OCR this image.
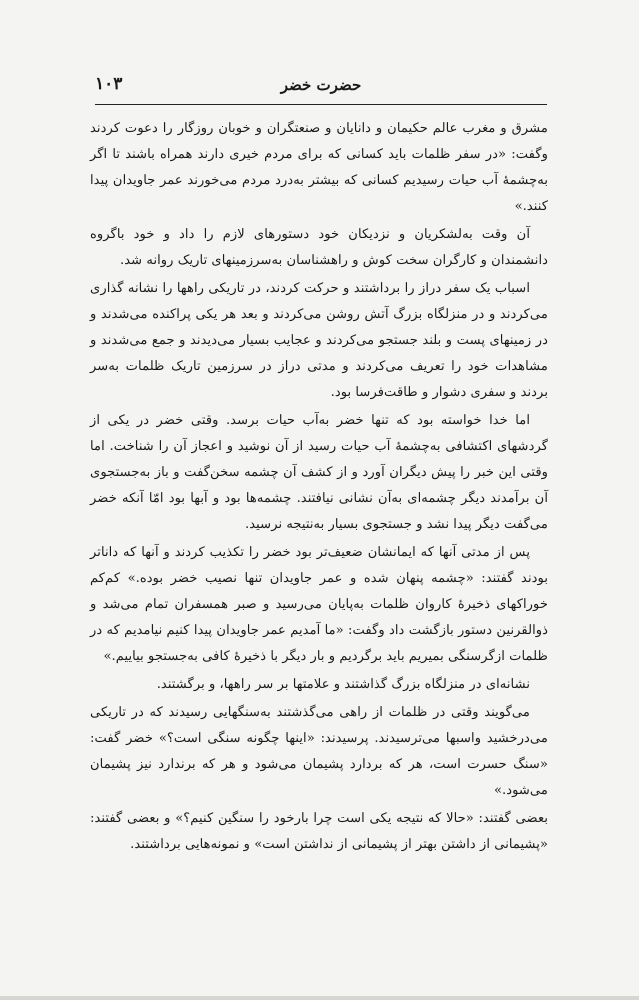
حضرت خضر
۱۰۳

مشرق و مغرب عالم حکیمان و دانایان و صنعتگران و خوبان روزگار را دعوت کردند وگفت: «در سفر ظلمات باید کسانی که برای مردم خیری دارند همراه باشند تا اگر به‌چشمهٔ آب حیات رسیدیم کسانی که بیشتر به‌درد مردم می‌خورند عمر جاویدان پیدا کنند.»

آن وقت به‌لشکریان و نزدیکان خود دستورهای لازم را داد و خود باگروه دانشمندان و کارگران سخت کوش و راهشناسان به‌سرزمینهای تاریک روانه شد.

اسباب یک سفر دراز را برداشتند و حرکت کردند، در تاریکی راهها را نشانه گذاری می‌کردند و در منزلگاه بزرگ آتش روشن می‌کردند و بعد هر یکی پراکنده می‌شدند و در زمینهای پست و بلند جستجو می‌کردند و عجایب بسیار می‌دیدند و جمع می‌شدند و مشاهدات خود را تعریف می‌کردند و مدتی دراز در سرزمین تاریک ظلمات به‌سر بردند و سفری دشوار و طاقت‌فرسا بود.

اما خدا خواسته بود که تنها خضر به‌آب حیات برسد. وقتی خضر در یکی از گردشهای اکتشافی به‌چشمهٔ آب حیات رسید از آن نوشید و اعجاز آن را شناخت. اما وقتی این خبر را پیش دیگران آورد و از کشف آن چشمه سخن‌گفت و باز به‌جستجوی آن برآمدند دیگر چشمه‌ای به‌آن نشانی نیافتند. چشمه‌ها بود و آبها بود امّا آنکه خضر می‌گفت دیگر پیدا نشد و جستجوی بسیار به‌نتیجه نرسید.

پس از مدتی آنها که ایمانشان ضعیف‌تر بود خضر را تکذیب کردند و آنها که داناتر بودند گفتند: «چشمه پنهان شده و عمر جاویدان تنها نصیب خضر بوده.» کم‌کم خوراکهای ذخیرهٔ کاروان ظلمات به‌پایان می‌رسید و صبر همسفران تمام می‌شد و ذوالقرنین دستور بازگشت داد وگفت: «ما آمدیم عمر جاویدان پیدا کنیم نیامدیم که در ظلمات ازگرسنگی بمیریم باید برگردیم و بار دیگر با ذخیرهٔ کافی به‌جستجو بیاییم.»

نشانه‌ای در منزلگاه بزرگ گذاشتند و علامتها بر سر راهها، و برگشتند.

می‌گویند وقتی در ظلمات از راهی می‌گذشتند به‌سنگهایی رسیدند که در تاریکی می‌درخشید واسبها می‌ترسیدند. پرسیدند: «اینها چگونه سنگی است؟» خضر گفت: «سنگ حسرت است، هر که بردارد پشیمان می‌شود و هر که برندارد نیز پشیمان می‌شود.»

بعضی گفتند: «حالا که نتیجه یکی است چرا بارخود را سنگین کنیم؟» و بعضی گفتند: «پشیمانی از داشتن بهتر از پشیمانی از نداشتن است» و نمونه‌هایی برداشتند.
